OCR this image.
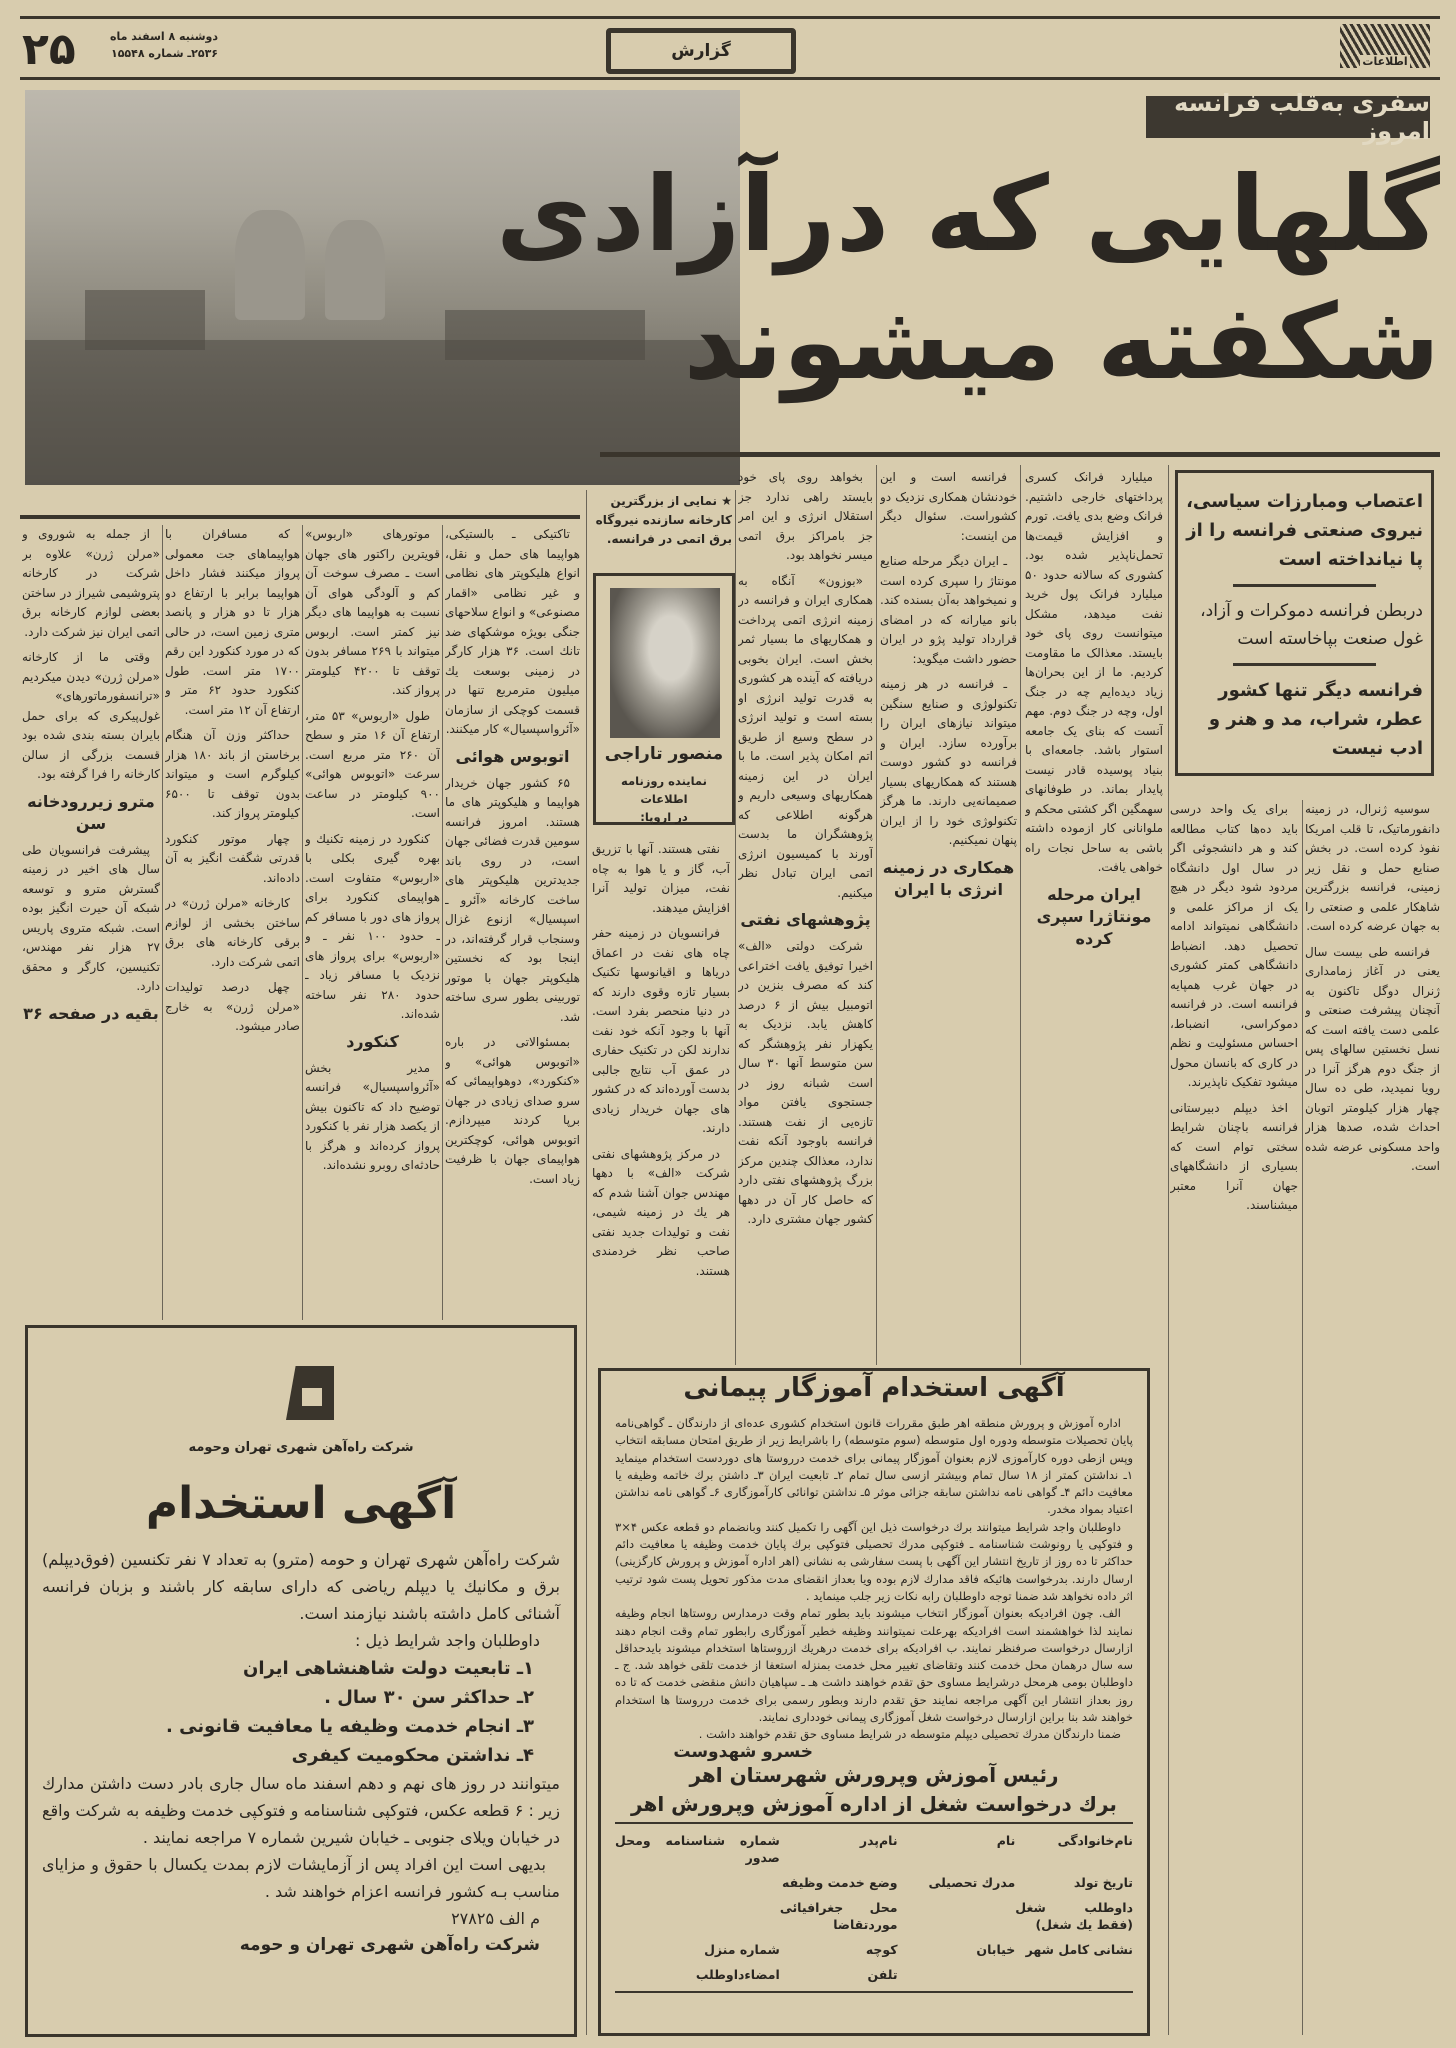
۲۵	دوشنبه ۸ اسفند ماه
۲۵۳۶ـ شماره ۱۵۵۴۸	گزارش
اطلاعات
سفری به‌قلب فرانسه امروز
گلهایی که درآزادی
شکفته میشوند
اعتصاب ومبارزات سیاسی، نیروی صنعتی فرانسه را از پا نیانداخته است
دربطن فرانسه دموکرات و آزاد، غول صنعت بپاخاسته است
فرانسه دیگر تنها کشور عطر، شراب، مد و هنر و ادب نیست
★ نمایی از بزرگترین کارخانه سازنده نیروگاه برق اتمی در فرانسه.
منصور تاراجی
نماینده روزنامه اطلاعات
در اروپا:

سوسیه ژنرال، در زمینه دانفورماتیک، تا قلب امریکا نفوذ کرده است. در بخش صنایع حمل و نقل زیر زمینی، فرانسه بزرگترین شاهکار علمی و صنعتی را به جهان عرضه کرده است.

فرانسه طی بیست سال یعنی در آغاز زمامداری ژنرال دوگل تاکنون به آنچنان پیشرفت صنعتی و علمی دست یافته است که نسل نخستین سالهای پس از جنگ دوم هرگز آنرا در رویا نمیدید، طی ده سال چهار هزار کیلومتر اتوبان احداث شده، صدها هزار واحد مسکونی عرضه شده است.

برای یک واحد درسی باید ده‌ها کتاب مطالعه کند و هر دانشجوئی اگر در سال اول دانشگاه مردود شود دیگر در هیچ یک از مراکز علمی و دانشگاهی نمیتواند ادامه تحصیل دهد. انضباط دانشگاهی کمتر کشوری در جهان غرب همپایه فرانسه است. در فرانسه دموکراسی، انضباط، احساس مسئولیت و نظم در کاری که بانسان محول میشود تفکیک ناپذیرند.

اخذ دیپلم دبیرستانی فرانسه باچنان شرایط سختی توام است که بسیاری از دانشگاههای جهان آنرا معتبر میشناسند.

میلیارد فرانک کسری پرداختهای خارجی داشتیم. فرانک وضع بدی یافت. تورم و افزایش قیمت‌ها تحمل‌ناپذیر شده بود. کشوری که سالانه حدود ۵۰ میلیارد فرانک پول خرید نفت میدهد، مشکل میتوانست روی پای خود بایستد. معذالک ما مقاومت کردیم. ما از این بحران‌ها زیاد دیده‌ایم چه در جنگ اول، وچه در جنگ دوم. مهم آنست که بنای یک جامعه استوار باشد. جامعه‌ای با بنیاد پوسیده قادر نیست پایدار بماند. در طوفانهای سهمگین اگر کشتی محکم و ملوانانی کار ازموده داشته باشی به ساحل نجات راه خواهی یافت.

ایران مرحله مونتاژرا سپری کرده

فرانسه است و این خودنشان همکاری نزدیک دو کشوراست. سئوال دیگر من اینست:

ـ ایران دیگر مرحله صنایع مونتاژ را سپری کرده است و نمیخواهد به‌آن بسنده کند. بانو میارانه که در امضای قرارداد تولید پژو در ایران حضور داشت میگوید:

ـ فرانسه در هر زمینه تکنولوژی و صنایع سنگین میتواند نیازهای ایران را برآورده سازد. ایران و فرانسه دو کشور دوست هستند که همکاریهای بسیار صمیمانه‌یی دارند. ما هرگز تکنولوژی خود را از ایران پنهان نمیکنیم.

همکاری در زمینه انرژی با ایران

بخواهد روی پای خود بایستد راهی ندارد جز استقلال انرژی و این امر جز بامراکز برق اتمی میسر نخواهد بود.

«بوزون» آنگاه به همکاری ایران و فرانسه در زمینه انرژی اتمی پرداخت و همکاریهای ما بسیار ثمر بخش است. ایران بخوبی دریافته که آینده هر کشوری به قدرت تولید انرژی او بسته است و تولید انرژی در سطح وسیع از طریق اتم امکان پذیر است. ما با ایران در این زمینه همکاریهای وسیعی داریم و هرگونه اطلاعی که پژوهشگران ما بدست آورند با کمیسیون انرژی اتمی ایران تبادل نظر میکنیم.

پژوهشهای نفتی

شرکت دولتی «الف» اخیرا توفیق یافت اختراعی کند که مصرف بنزین در اتومبیل بیش از ۶ درصد کاهش یابد. نزدیک به یکهزار نفر پژوهشگر که سن متوسط آنها ۳۰ سال است شبانه روز در جستجوی یافتن مواد تازه‌یی از نفت هستند. فرانسه باوجود آنکه نفت ندارد، معذالک چندین مرکز بزرگ پژوهشهای نفتی دارد که حاصل کار آن در دهها کشور جهان مشتری دارد.

نفتی هستند. آنها با تزریق آب، گاز و یا هوا به چاه نفت، میزان تولید آنرا افزایش میدهند.

فرانسویان در زمینه حفر چاه های نفت در اعماق دریاها و اقیانوسها تکنیک بسیار تازه وقوی دارند که در دنیا منحصر بفرد است. آنها با وجود آنکه خود نفت ندارند لکن در تکنیک حفاری در عمق آب نتایج جالبی بدست آورده‌اند که در کشور های جهان خریدار زیادی دارند.

در مرکز پژوهشهای نفتی شرکت «الف» با دهها مهندس جوان آشنا شدم که هر یك در زمینه شیمی، نفت و تولیدات جدید نفتی صاحب نظر خردمندی هستند.

تاکتیکی ـ بالستیکی، هواپیما های حمل و نقل، انواع هلیکوپتر های نظامی و غیر نظامی «اقمار مصنوعی» و انواع سلاحهای جنگی بویژه موشکهای ضد تانك است. ۳۶ هزار کارگر در زمینی بوسعت یك میلیون مترمربع تنها در قسمت کوچکی از سازمان «آئرواسپسیال» کار میکنند.

اتوبوس هوائی

۶۵ کشور جهان خریدار هواپیما و هلیکوپتر های ما هستند. امروز فرانسه سومین قدرت فضائی جهان است، در روی باند جدیدترین هلیکوپتر های ساخت کارخانه «آئرو ـ اسپسیال» ازنوع غزال وسنجاب قرار گرفته‌اند، در اینجا بود که نخستین هلیکوپتر جهان با موتور توربینی بطور سری ساخته شد.

بمسئوالاتی در باره «اتوبوس هوائی» و «کنکورد»، دوهواپیمائی که سرو صدای زیادی در جهان برپا کردند میپردازم. اتوبوس هوائی، کوچکترین هواپیمای جهان با ظرفیت زیاد است.

موتورهای «اربوس» قویترین راکتور های جهان است ـ مصرف سوخت آن کم و آلودگی هوای آن نسبت به هواپیما های دیگر نیز کمتر است. اربوس میتواند با ۲۶۹ مسافر بدون توقف تا ۴۲۰۰ کیلومتر پرواز کند.

طول «اربوس» ۵۳ متر، ارتفاع آن ۱۶ متر و سطح آن ۲۶۰ متر مربع است. سرعت «اتوبوس هوائی» ۹۰۰ کیلومتر در ساعت است.

کنکورد در زمینه تکنیك و بهره گیری بکلی با «اربوس» متفاوت است. هواپیمای کنکورد برای پرواز های دور با مسافر کم ـ حدود ۱۰۰ نفر ـ و «اربوس» برای پرواز های نزدیک با مسافر زیاد ـ حدود ۲۸۰ نفر ساخته شده‌اند.

کنکورد

مدیر بخش «آئرواسپسیال» فرانسه توضیح داد که تاکنون بیش از یکصد هزار نفر با کنکورد پرواز کرده‌اند و هرگز با حادثه‌ای روبرو نشده‌اند.

که مسافران با هواپیماهای جت معمولی پرواز میکنند فشار داخل هواپیما برابر با ارتفاع دو هزار تا دو هزار و پانصد متری زمین است، در حالی که در مورد کنکورد این رقم ۱۷۰۰ متر است. طول کنکورد حدود ۶۲ متر و ارتفاع آن ۱۲ متر است.

حداکثر وزن آن هنگام برخاستن از باند ۱۸۰ هزار کیلوگرم است و میتواند بدون توقف تا ۶۵۰۰ کیلومتر پرواز کند.

چهار موتور کنکورد قدرتی شگفت انگیز به آن داده‌اند.

کارخانه «مرلن ژرن» در ساختن بخشی از لوازم برقی کارخانه های برق اتمی شرکت دارد.

چهل درصد تولیدات «مرلن ژرن» به خارج صادر میشود.

از جمله به شوروی و «مرلن ژرن» علاوه بر شرکت در کارخانه پتروشیمی شیراز در ساختن بعضی لوازم کارخانه برق اتمی ایران نیز شرکت دارد.

وقتی ما از کارخانه «مرلن ژرن» دیدن میکردیم «ترانسفورماتورهای» غول‌پیکری که برای حمل بایران بسته بندی شده بود قسمت بزرگی از سالن کارخانه را فرا گرفته بود.

مترو زیررودخانه سن

پیشرفت فرانسویان طی سال های اخیر در زمینه گسترش مترو و توسعه شبکه آن حیرت انگیز بوده است. شبکه متروی پاریس ۲۷ هزار نفر مهندس، تکنیسین، کارگر و محقق دارد.

بقیه در صفحه ۳۶
شرکت راه‌آهن شهری تهران وحومه
آگهی استخدام
شرکت راه‌آهن شهری تهران و حومه (مترو) به تعداد ۷ نفر تکنسین (فوق‌دیپلم) برق و مکانیك یا دیپلم ریاضی که دارای سابقه کار باشند و بزبان فرانسه آشنائی کامل داشته باشند نیازمند است.
داوطلبان واجد شرایط ذیل :
۱ـ تابعیت دولت شاهنشاهی ایران
۲ـ حداکثر سن ۳۰ سال .
۳ـ انجام خدمت وظیفه یا معافیت قانونی .
۴ـ نداشتن محکومیت کیفری
میتوانند در روز های نهم و دهم اسفند ماه سال جاری بادر دست داشتن مدارك زیر : ۶ قطعه عکس، فتوکپی شناسنامه و فتوکپی خدمت وظیفه به شرکت واقع در خیابان ویلای جنوبی ـ خیابان شیرین شماره ۷ مراجعه نمایند .
بدیهی است این افراد پس از آزمایشات لازم بمدت یکسال با حقوق و مزایای مناسب بـه کشور فرانسه اعزام خواهند شد .
م الف ۲۷۸۲۵
شرکت راه‌آهن شهری تهران و حومه
آگهی استخدام آموزگار پیمانی

اداره آموزش و پرورش منطقه اهر طبق مقررات قانون استخدام کشوری عده‌ای از دارندگان ـ گواهی‌نامه پایان تحصیلات متوسطه ودوره اول متوسطه (سوم متوسطه) را باشرایط زیر از طریق امتحان مسابقه انتخاب وپس ازطی دوره کارآموزی لازم بعنوان آموزگار پیمانی برای خدمت درروستا های دوردست استخدام مینماید ۱ـ نداشتن کمتر از ۱۸ سال تمام وبیشتر ازسی سال تمام ۲ـ تابعیت ایران ۳ـ داشتن برك خاتمه وظیفه یا معافیت دائم ۴ـ گواهی نامه نداشتن سابقه جزائی موثر ۵ـ نداشتن توانائی کارآموزگاری ۶ـ گواهی نامه نداشتن اعتیاد بمواد مخدر.

داوطلبان واجد شرایط میتوانند برك درخواست ذیل این آگهی را تکمیل کنند وبانضمام دو قطعه عکس ۴×۳ و فتوکپی یا رونوشت شناسنامه ـ فتوکپی مدرك تحصیلی فتوکپی برك پایان خدمت وظیفه یا معافیت دائم حداکثر تا ده روز از تاریخ انتشار این آگهی با پست سفارشی به نشانی (اهر اداره آموزش و پرورش کارگزینی) ارسال دارند. بدرخواست هائیکه فاقد مدارك لازم بوده ویا بعداز انقضای مدت مذکور تحویل پست شود ترتیب اثر داده نخواهد شد ضمنا توجه داوطلبان رابه نکات زیر جلب مینماید .

الف. چون افرادیکه بعنوان آموزگار انتخاب میشوند باید بطور تمام وقت درمدارس روستاها انجام وظیفه نمایند لذا خواهشمند است افرادیکه بهرعلت نمیتوانند وظیفه خطیر آموزگاری رابطور تمام وقت انجام دهند ازارسال درخواست صرفنظر نمایند. ب افرادیکه برای خدمت درهریك ازروستاها استخدام میشوند بایدحداقل سه سال درهمان محل خدمت کنند وتقاضای تغییر محل خدمت بمنزله استعفا از خدمت تلقی خواهد شد. ج ـ داوطلبان بومی هرمحل درشرایط مساوی حق تقدم خواهند داشت هـ ـ سپاهیان دانش منقضی خدمت که تا ده روز بعداز انتشار این آگهی مراجعه نمایند حق تقدم دارند وبطور رسمی برای خدمت درروستا ها استخدام خواهند شد بنا براین ازارسال درخواست شغل آموزگاری پیمانی خودداری نمایند.

ضمنا دارندگان مدرك تحصیلی دیپلم متوسطه در شرایط مساوی حق تقدم خواهند داشت .

خسرو شهدوست
رئیس آموزش وپرورش شهرستان اهر
برك درخواست شغل از اداره آموزش وپرورش اهر
نام‌خانوادگی
نام
نام‌پدر
شماره شناسنامه ومحل صدور
تاریخ تولد
مدرك تحصیلی
وضع خدمت وظیفه
داوطلب شغل (فقط یك شغل)
محل جغرافیائی موردتقاضا
نشانی کامل شهر
خیابان
کوچه
شماره منزل
تلفن
امضاءداوطلب
